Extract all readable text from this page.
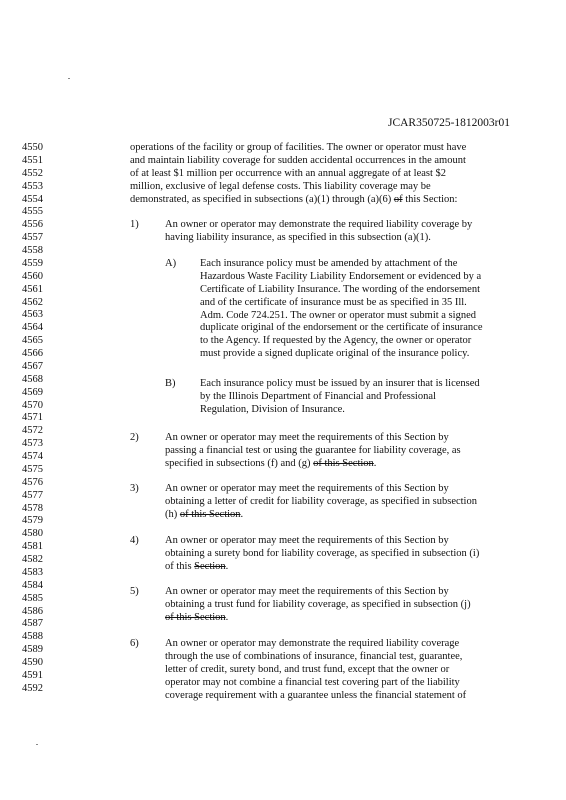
JCAR350725-1812003r01
4550
4551
4552
4553
4554
4555
4556
4557
4558
4559
4560
4561
4562
4563
4564
4565
4566
4567
4568
4569
4570
4571
4572
4573
4574
4575
4576
4577
4578
4579
4580
4581
4582
4583
4584
4585
4586
4587
4588
4589
4590
4591
4592
operations of the facility or group of facilities. The owner or operator must have
and maintain liability coverage for sudden accidental occurrences in the amount
of at least $1 million per occurrence with an annual aggregate of at least $2
million, exclusive of legal defense costs. This liability coverage may be
demonstrated, as specified in subsections (a)(1) through (a)(6) of this Section:
1)	An owner or operator may demonstrate the required liability coverage by
having liability insurance, as specified in this subsection (a)(1).
A) Each insurance policy must be amended by attachment of the
Hazardous Waste Facility Liability Endorsement or evidenced by a
Certificate of Liability Insurance. The wording of the endorsement
and of the certificate of insurance must be as specified in 35 Ill.
Adm. Code 724.251. The owner or operator must submit a signed
duplicate original of the endorsement or the certificate of insurance
to the Agency. If requested by the Agency, the owner or operator
must provide a signed duplicate original of the insurance policy.
B) Each insurance policy must be issued by an insurer that is licensed
by the Illinois Department of Financial and Professional
Regulation, Division of Insurance.
2)	An owner or operator may meet the requirements of this Section by
passing a financial test or using the guarantee for liability coverage, as
specified in subsections (f) and (g) of this Section.
3)	An owner or operator may meet the requirements of this Section by
obtaining a letter of credit for liability coverage, as specified in subsection
(h) of this Section.
4)	An owner or operator may meet the requirements of this Section by
obtaining a surety bond for liability coverage, as specified in subsection (i)
of this Section.
5)	An owner or operator may meet the requirements of this Section by
obtaining a trust fund for liability coverage, as specified in subsection (j)
of this Section.
6)	An owner or operator may demonstrate the required liability coverage
through the use of combinations of insurance, financial test, guarantee,
letter of credit, surety bond, and trust fund, except that the owner or
operator may not combine a financial test covering part of the liability
coverage requirement with a guarantee unless the financial statement of
